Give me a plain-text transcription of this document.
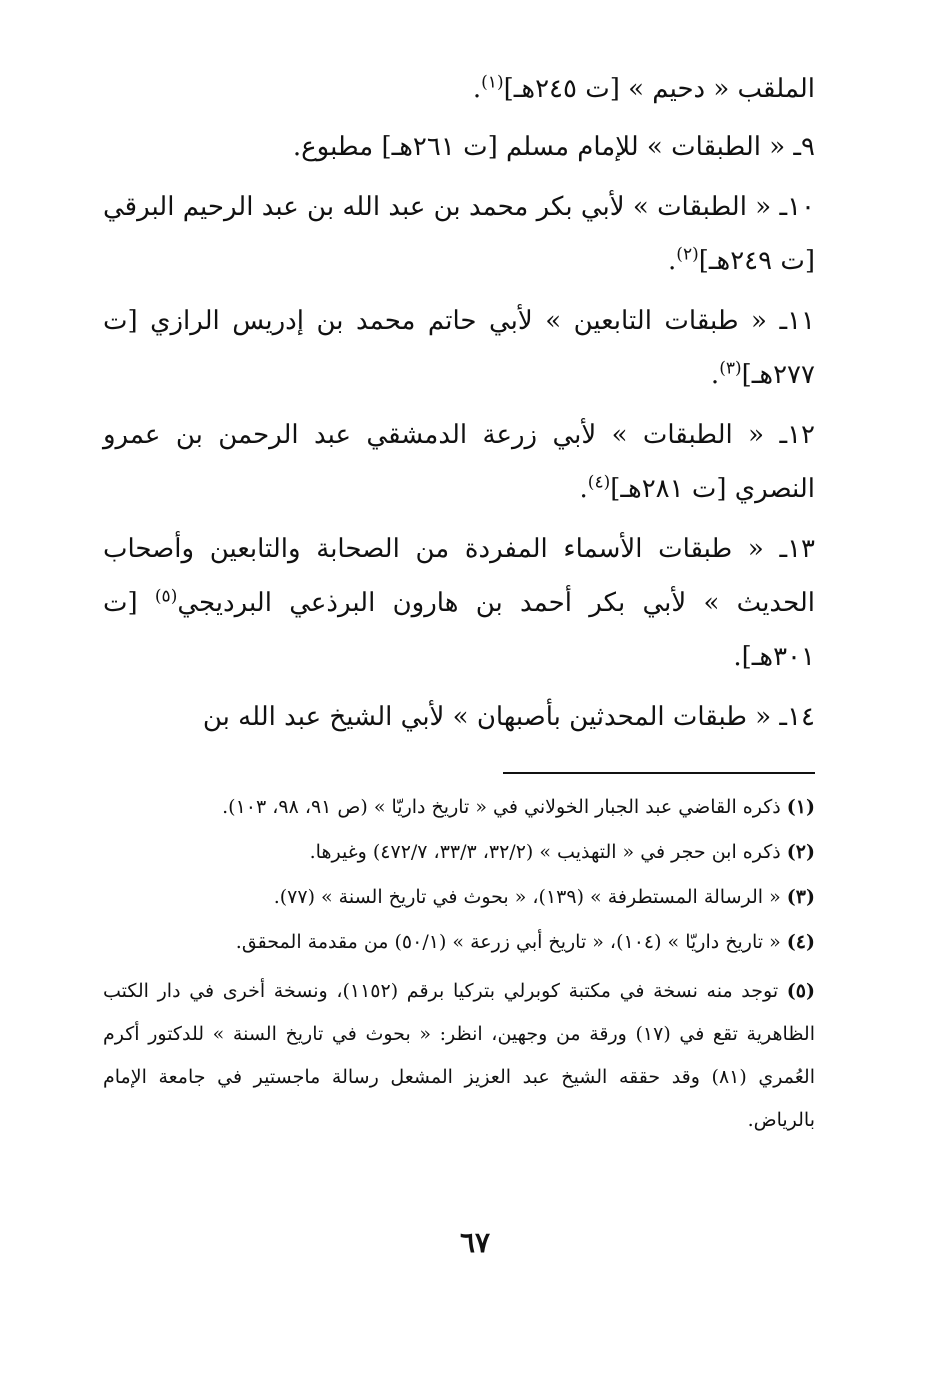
الملقب « دحيم » [ت ٢٤٥هـ]$^{(١)}$.

٩ـ « الطبقات » للإمام مسلم [ت ٢٦١هـ] مطبوع.

١٠ـ « الطبقات » لأبي بكر محمد بن عبد الله بن عبد الرحيم البرقي [ت ٢٤٩هـ]$^{(٢)}$.

١١ـ « طبقات التابعين » لأبي حاتم محمد بن إدريس الرازي [ت ٢٧٧هـ]$^{(٣)}$.

١٢ـ « الطبقات » لأبي زرعة الدمشقي عبد الرحمن بن عمرو النصري [ت ٢٨١هـ]$^{(٤)}$.

١٣ـ « طبقات الأسماء المفردة من الصحابة والتابعين وأصحاب الحديث » لأبي بكر أحمد بن هارون البرذعي البرديجي$^{(٥)}$ [ت ٣٠١هـ].

١٤ـ « طبقات المحدثين بأصبهان » لأبي الشيخ عبد الله بن

(١) ذكره القاضي عبد الجبار الخولاني في « تاريخ داريّا » (ص ٩١، ٩٨، ١٠٣).

(٢) ذكره ابن حجر في « التهذيب » (٣٢/٢، ٣٣/٣، ٤٧٢/٧) وغيرها.

(٣) « الرسالة المستطرفة » (١٣٩)، « بحوث في تاريخ السنة » (٧٧).

(٤) « تاريخ داريّا » (١٠٤)، « تاريخ أبي زرعة » (٥٠/١) من مقدمة المحقق.

(٥) توجد منه نسخة في مكتبة كوبرلي بتركيا برقم (١١٥٢)، ونسخة أخرى في دار الكتب الظاهرية تقع في (١٧) ورقة من وجهين، انظر: « بحوث في تاريخ السنة » للدكتور أكرم العُمري (٨١) وقد حققه الشيخ عبد العزيز المشعل رسالة ماجستير في جامعة الإمام بالرياض.

٦٧
